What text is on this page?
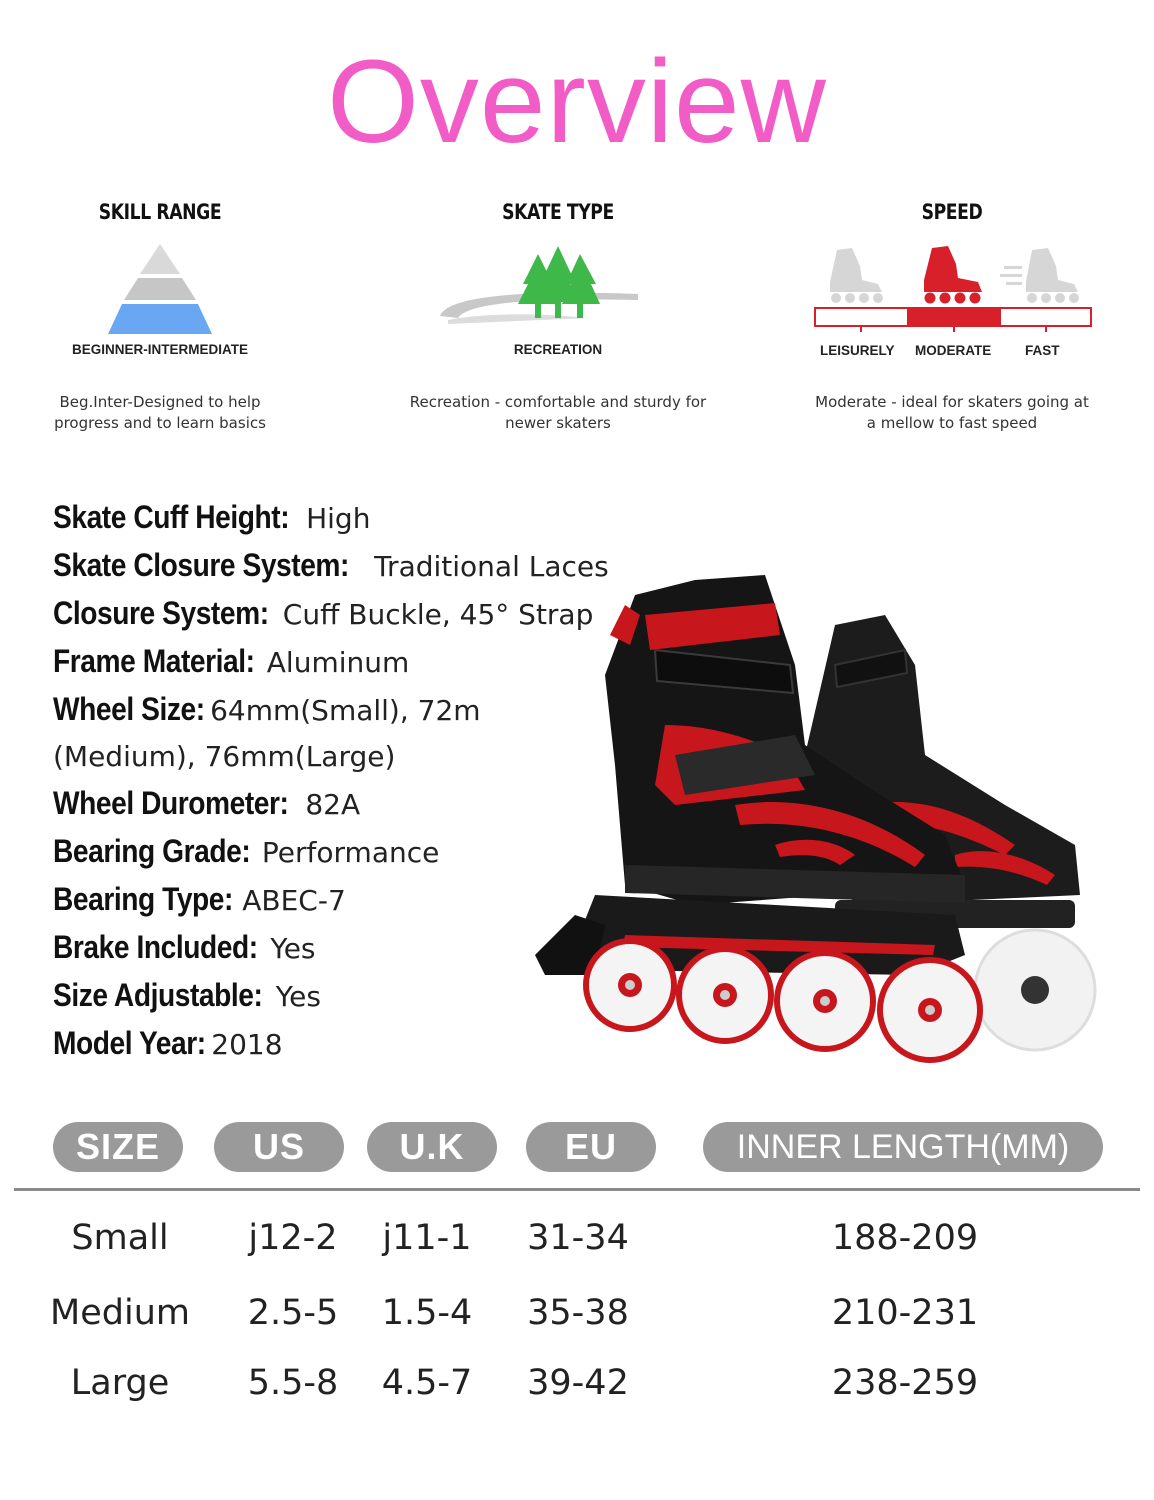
Overview
SKILL RANGE
BEGINNER-INTERMEDIATE
Beg.Inter-Designed to help
progress and to learn basics
SKATE TYPE
RECREATION
Recreation - comfortable and sturdy for
newer skaters
SPEED
Moderate - ideal for skaters going at
a mellow to fast speed
LEISURELY MODERATE	FAST
Skate Cuff Height: High
Skate Closure System: Traditional Laces
Closure System: Cuff Buckle, 45° Strap
Frame Material: Aluminum
Wheel Size: 64mm(Small), 72m
(Medium), 76mm(Large)
Wheel Durometer: 82A
Bearing Grade: Performance
Bearing Type: ABEC-7
Brake Included: Yes
Size Adjustable: Yes
Model Year: 2018
SIZE	US	U.K	EU	INNER LENGTH(MM)
Small	j12-2	j11-1	31-34	188-209
Medium	2.5-5	1.5-4	35-38	210-231
Large	5.5-8	4.5-7	39-42	238-259
